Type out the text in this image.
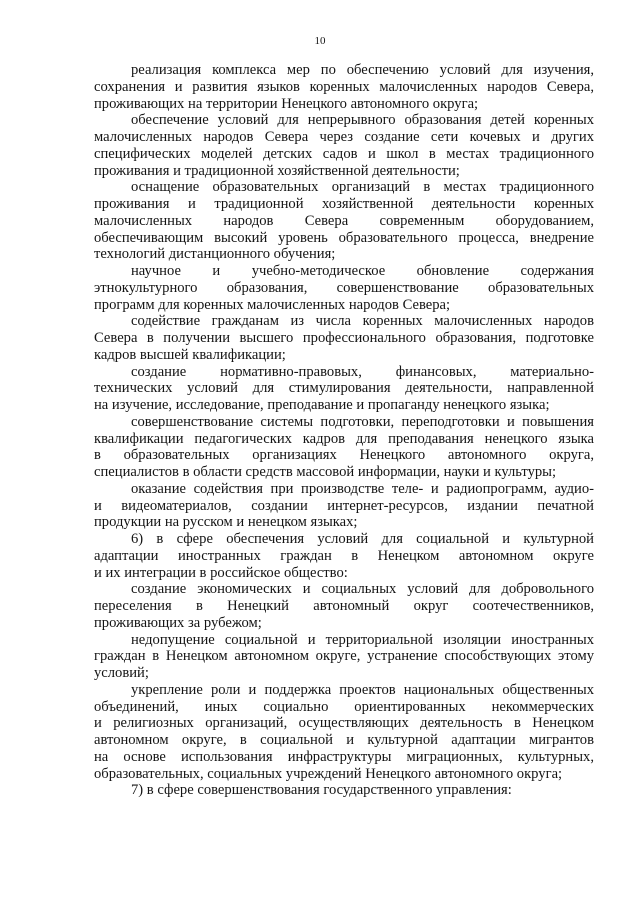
10
реализация комплекса мер по обеспечению условий для изучения,
сохранения и развития языков коренных малочисленных народов Севера,
проживающих на территории Ненецкого автономного округа;
обеспечение условий для непрерывного образования детей коренных
малочисленных народов Севера через создание сети кочевых и других
специфических моделей детских садов и школ в местах традиционного
проживания и традиционной хозяйственной деятельности;
оснащение образовательных организаций в местах традиционного
проживания и традиционной хозяйственной деятельности коренных
малочисленных народов Севера современным оборудованием,
обеспечивающим высокий уровень образовательного процесса, внедрение
технологий дистанционного обучения;
научное и учебно-методическое обновление содержания
этнокультурного образования, совершенствование образовательных
программ для коренных малочисленных народов Севера;
содействие гражданам из числа коренных малочисленных народов
Севера в получении высшего профессионального образования, подготовке
кадров высшей квалификации;
создание нормативно-правовых, финансовых, материально-
технических условий для стимулирования деятельности, направленной
на изучение, исследование, преподавание и пропаганду ненецкого языка;
совершенствование системы подготовки, переподготовки и повышения
квалификации педагогических кадров для преподавания ненецкого языка
в образовательных организациях Ненецкого автономного округа,
специалистов в области средств массовой информации, науки и культуры;
оказание содействия при производстве теле- и радиопрограмм, аудио-
и видеоматериалов, создании интернет-ресурсов, издании печатной
продукции на русском и ненецком языках;
6) в сфере обеспечения условий для социальной и культурной
адаптации иностранных граждан в Ненецком автономном округе
и их интеграции в российское общество:
создание экономических и социальных условий для добровольного
переселения в Ненецкий автономный округ соотечественников,
проживающих за рубежом;
недопущение социальной и территориальной изоляции иностранных
граждан в Ненецком автономном округе, устранение способствующих этому
условий;
укрепление роли и поддержка проектов национальных общественных
объединений, иных социально ориентированных некоммерческих
и религиозных организаций, осуществляющих деятельность в Ненецком
автономном округе, в социальной и культурной адаптации мигрантов
на основе использования инфраструктуры миграционных, культурных,
образовательных, социальных учреждений Ненецкого автономного округа;
7) в сфере совершенствования государственного управления:
